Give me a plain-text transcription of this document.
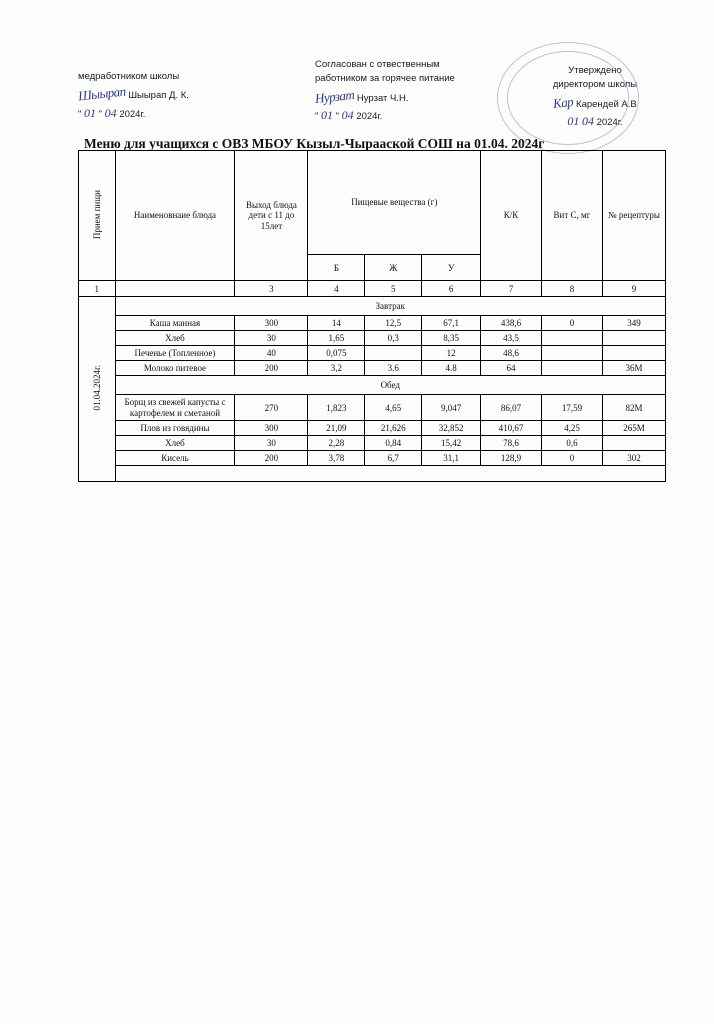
медработником школы
Шыырап Шыырап Д. К.
" 01 " 04 2024г.
Согласован с отвественным
работником за горячее питание
Нурзат Нурзат Ч.Н.
" 01 " 04 2024г.
Утверждено
директором школы
Кар Карендей А.В
01 04 2024г.
Меню для учащихся с ОВЗ МБОУ Кызыл-Чырааской СОШ на 01.04. 2024г
Прием пищи	Наименовнаие блюда	Выход блюда дети с 11 до 15лет	Пищевые вещества (г)			К/К	Вит С, мг	№ рецептуры
			Б	Ж	У			
1		3	4	5	6	7	8	9
01.04.2024г.	Завтрак							
	Каша манная	300	14	12,5	67,1	438,6	0	349
	Хлеб	30	1,65	0,3	8,35	43,5		
	Печенье (Топленное)	40	0,075		12	48,6		
	Молоко питевое	200	3,2	3.6	4.8	64		36М
	Обед							
	Борщ из свежей капусты с картофелем и сметаной	270	1,823	4,65	9,047	86,07	17,59	82М
	Плов из говядины	300	21,09	21,626	32,852	410,67	4,25	265М
	Хлеб	30	2,28	0,84	15,42	78,6	0,6	
	Кисель	200	3,78	6,7	31,1	128,9	0	302
